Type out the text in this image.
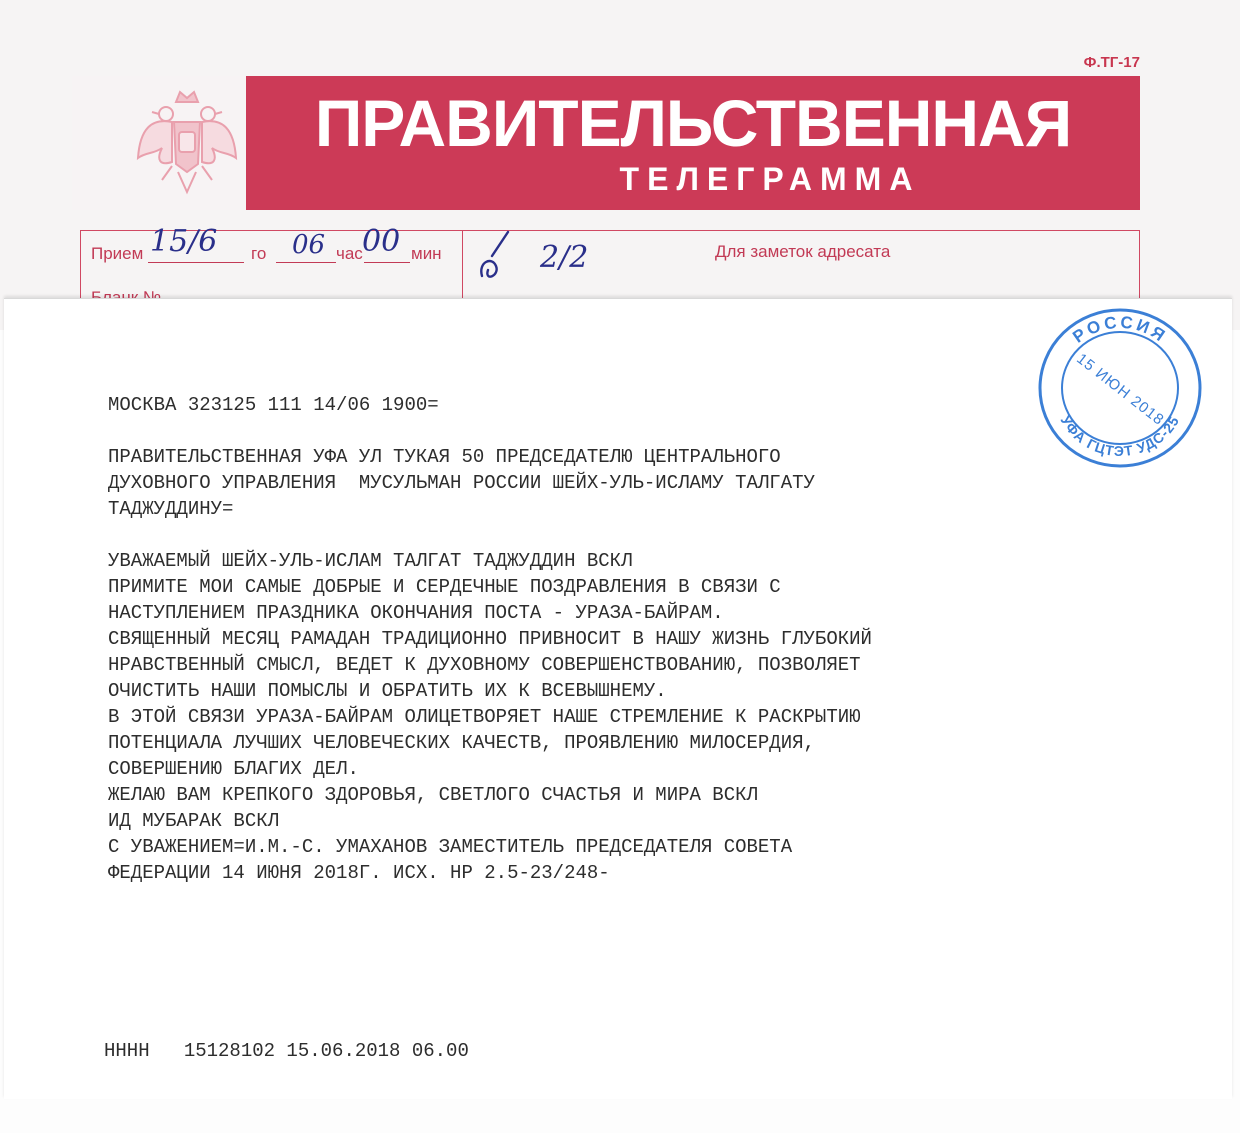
Ф.ТГ-17
ПРАВИТЕЛЬСТВЕННАЯ
ТЕЛЕГРАММА
Прием	го	час	мин	Для заметок адресата
15/6	06 00	2/2
МОСКВА 323125 111 14/06 1900=
ПРАВИТЕЛЬСТВЕННАЯ УФА УЛ ТУКАЯ 50 ПРЕДСЕДАТЕЛЮ ЦЕНТРАЛЬНОГО
ДУХОВНОГО УПРАВЛЕНИЯ  МУСУЛЬМАН РОССИИ ШЕЙХ-УЛЬ-ИСЛАМУ ТАЛГАТУ
ТАДЖУДДИНУ=
УВАЖАЕМЫЙ ШЕЙХ-УЛЬ-ИСЛАМ ТАЛГАТ ТАДЖУДДИН ВСКЛ
ПРИМИТЕ МОИ САМЫЕ ДОБРЫЕ И СЕРДЕЧНЫЕ ПОЗДРАВЛЕНИЯ В СВЯЗИ С
НАСТУПЛЕНИЕМ ПРАЗДНИКА ОКОНЧАНИЯ ПОСТА - УРАЗА-БАЙРАМ.
СВЯЩЕННЫЙ МЕСЯЦ РАМАДАН ТРАДИЦИОННО ПРИВНОСИТ В НАШУ ЖИЗНЬ ГЛУБОКИЙ
НРАВСТВЕННЫЙ СМЫСЛ, ВЕДЕТ К ДУХОВНОМУ СОВЕРШЕНСТВОВАНИЮ, ПОЗВОЛЯЕТ
ОЧИСТИТЬ НАШИ ПОМЫСЛЫ И ОБРАТИТЬ ИХ К ВСЕВЫШНЕМУ.
В ЭТОЙ СВЯЗИ УРАЗА-БАЙРАМ ОЛИЦЕТВОРЯЕТ НАШЕ СТРЕМЛЕНИЕ К РАСКРЫТИЮ
ПОТЕНЦИАЛА ЛУЧШИХ ЧЕЛОВЕЧЕСКИХ КАЧЕСТВ, ПРОЯВЛЕНИЮ МИЛОСЕРДИЯ,
СОВЕРШЕНИЮ БЛАГИХ ДЕЛ.
ЖЕЛАЮ ВАМ КРЕПКОГО ЗДОРОВЬЯ, СВЕТЛОГО СЧАСТЬЯ И МИРА ВСКЛ
ИД МУБАРАК ВСКЛ
С УВАЖЕНИЕМ=И.М.-С. УМАХАНОВ ЗАМЕСТИТЕЛЬ ПРЕДСЕДАТЕЛЯ СОВЕТА
ФЕДЕРАЦИИ 14 ИЮНЯ 2018Г. ИСХ. НР 2.5-23/248-
НННН   15128102 15.06.2018 06.00
РОССИЯ
УФА ГЦТЭТ УДС-25
15 ИЮН 2018
